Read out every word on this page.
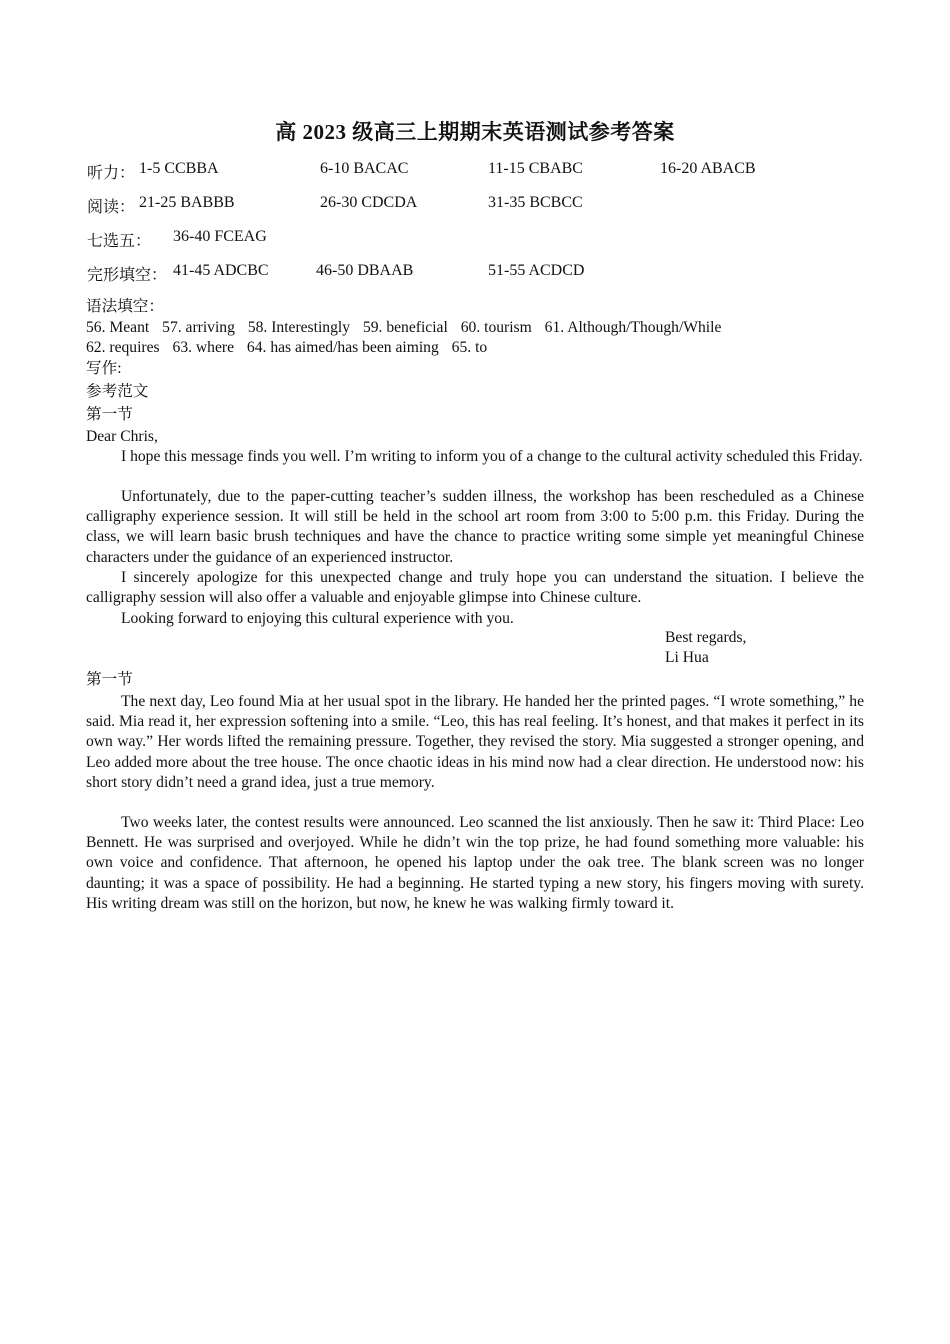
高 2023 级高三上期期末英语测试参考答案
听力： 1-5 CCBBA	6-10 BACAC	11-15 CBABC	16-20 ABACB
阅读： 21-25 BABBB	26-30 CDCDA	31-35 BCBCC
七选五： 36-40 FCEAG
完形填空： 41-45 ADCBC	46-50 DBAAB	51-55 ACDCD
语法填空：
56. Meant 57. arriving 58. Interestingly 59. beneficial 60. tourism 61. Although/Though/While
62. requires 63. where 64. has aimed/has been aiming 65. to
写作:
参考范文
第一节
Dear Chris,
I hope this message finds you well. I’m writing to inform you of a change to the cultural activity scheduled this Friday.
Unfortunately, due to the paper-cutting teacher’s sudden illness, the workshop has been rescheduled as a Chinese calligraphy experience session. It will still be held in the school art room from 3:00 to 5:00 p.m. this Friday. During the class, we will learn basic brush techniques and have the chance to practice writing some simple yet meaningful Chinese characters under the guidance of an experienced instructor.
I sincerely apologize for this unexpected change and truly hope you can understand the situation. I believe the calligraphy session will also offer a valuable and enjoyable glimpse into Chinese culture.
Looking forward to enjoying this cultural experience with you.
Best regards,
Li Hua
第一节
The next day, Leo found Mia at her usual spot in the library. He handed her the printed pages. “I wrote something,” he said. Mia read it, her expression softening into a smile. “Leo, this has real feeling. It’s honest, and that makes it perfect in its own way.” Her words lifted the remaining pressure. Together, they revised the story. Mia suggested a stronger opening, and Leo added more about the tree house. The once chaotic ideas in his mind now had a clear direction. He understood now: his short story didn’t need a grand idea, just a true memory.
Two weeks later, the contest results were announced. Leo scanned the list anxiously. Then he saw it: Third Place: Leo Bennett. He was surprised and overjoyed. While he didn’t win the top prize, he had found something more valuable: his own voice and confidence. That afternoon, he opened his laptop under the oak tree. The blank screen was no longer daunting; it was a space of possibility. He had a beginning. He started typing a new story, his fingers moving with surety. His writing dream was still on the horizon, but now, he knew he was walking firmly toward it.
